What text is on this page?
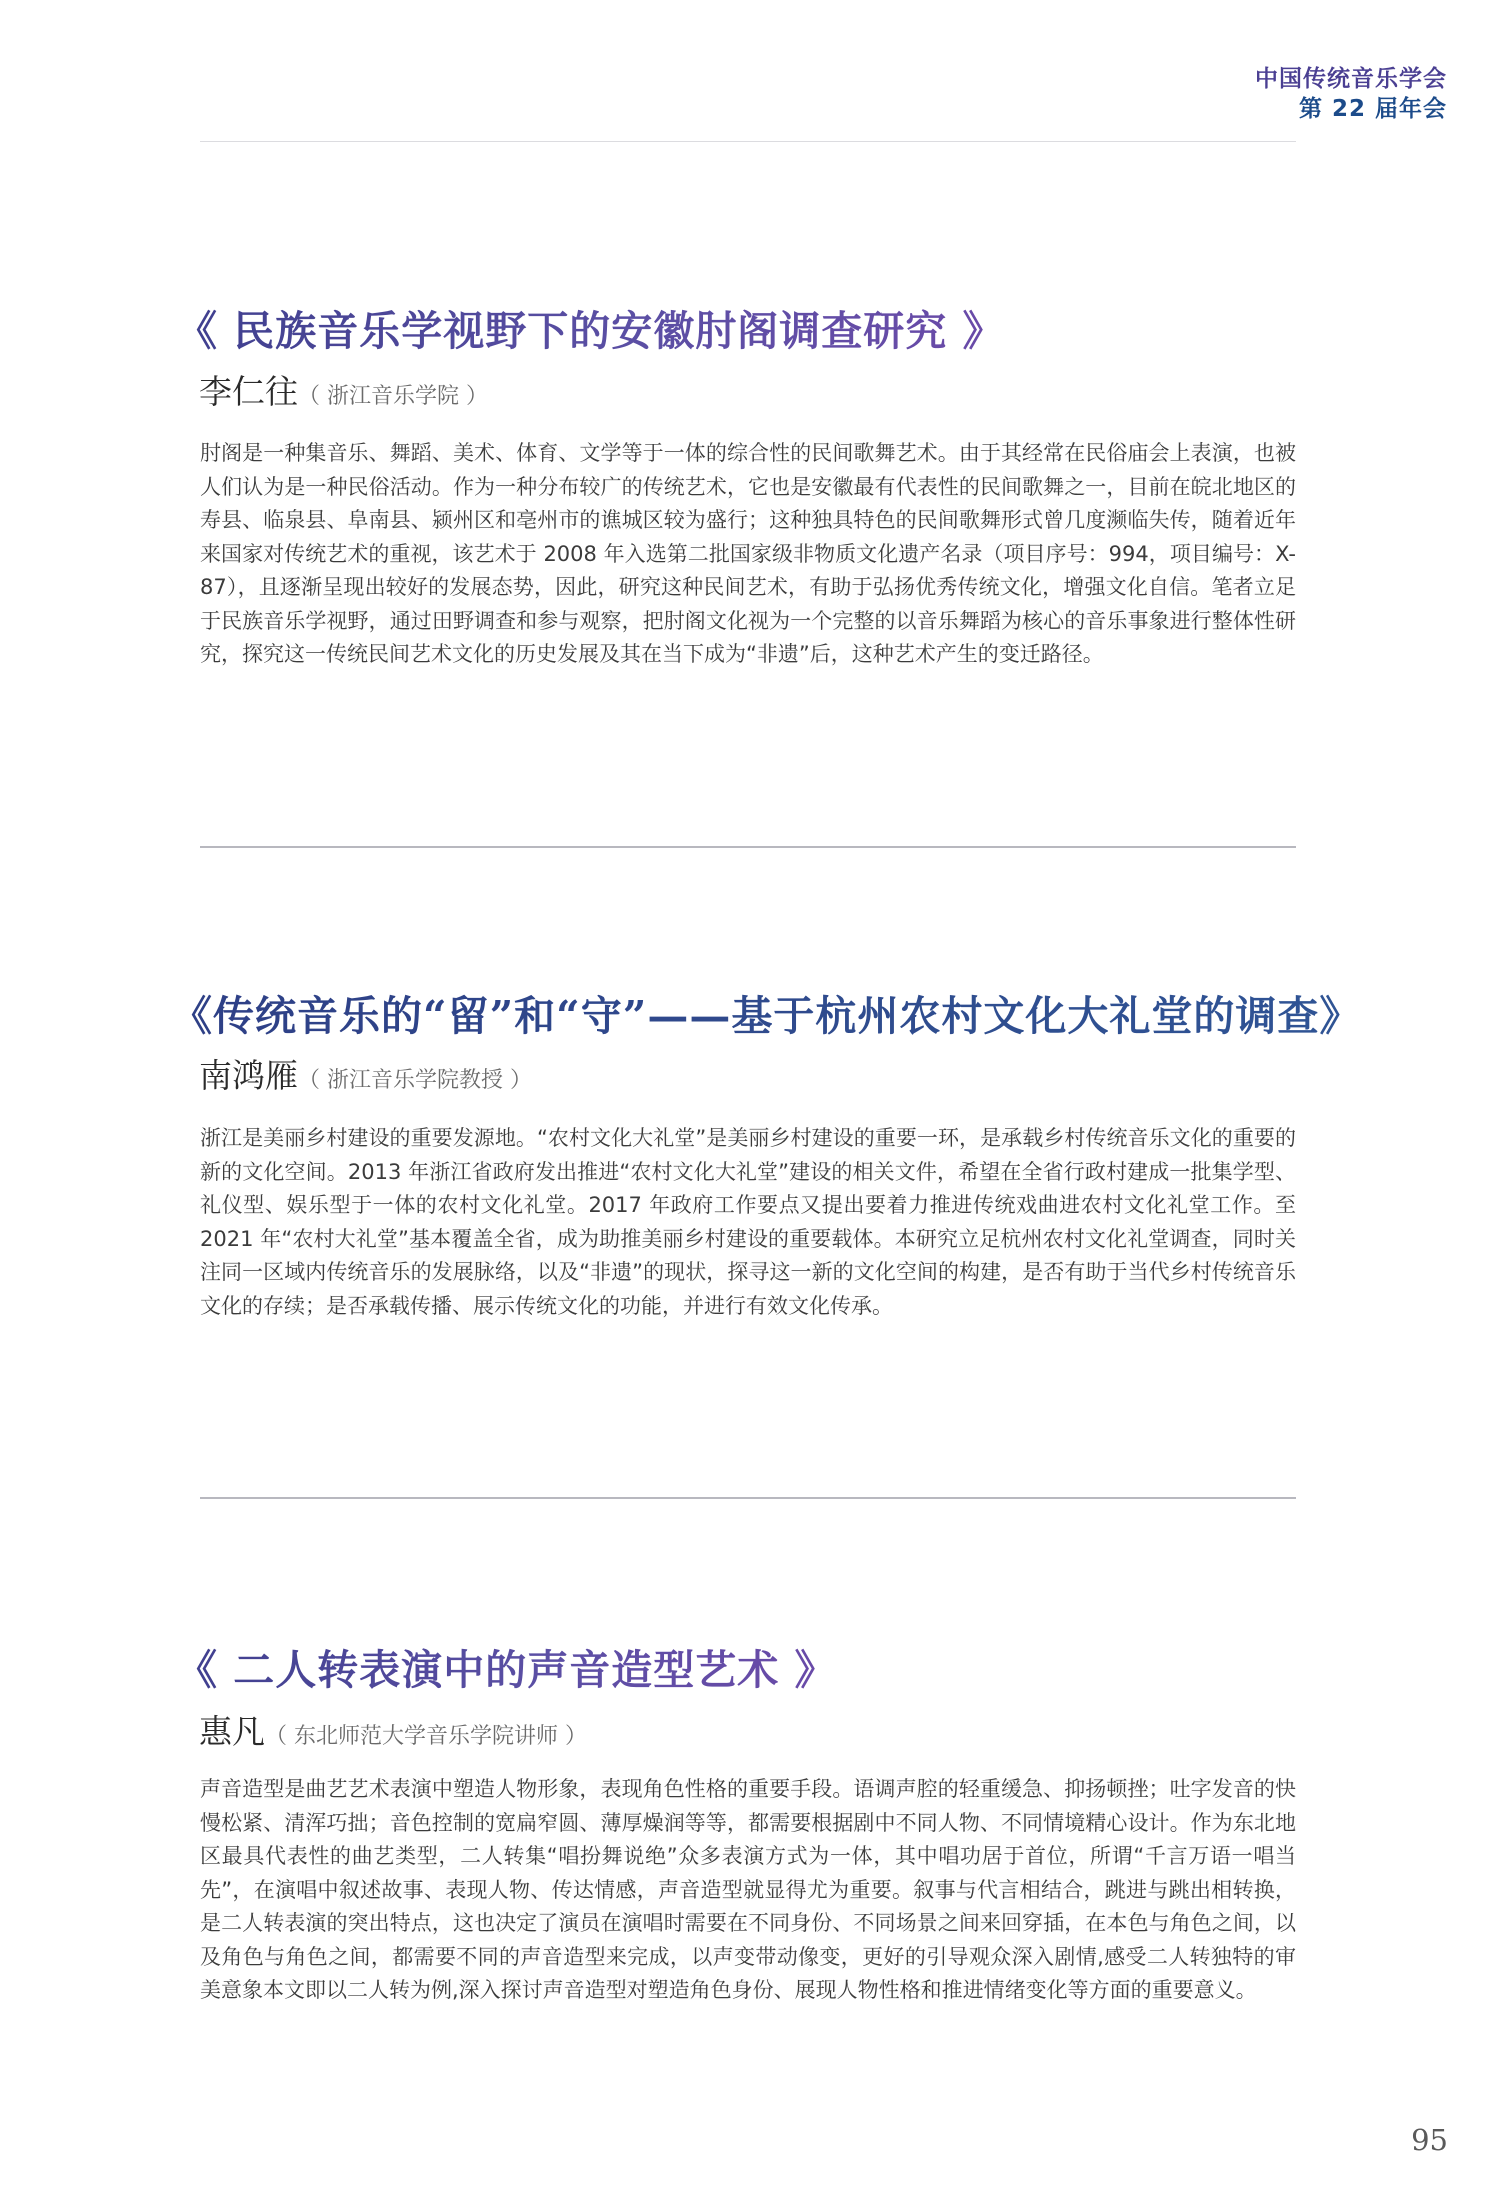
中国传统音乐学会
第 22 届年会
《 民族音乐学视野下的安徽肘阁调查研究 》
李仁往（ 浙江音乐学院 ）
肘阁是一种集音乐、舞蹈、美术、体育、文学等于一体的综合性的民间歌舞艺术。由于其经常在民俗庙会上表演，也被人们认为是一种民俗活动。作为一种分布较广的传统艺术，它也是安徽最有代表性的民间歌舞之一，目前在皖北地区的寿县、临泉县、阜南县、颍州区和亳州市的谯城区较为盛行；这种独具特色的民间歌舞形式曾几度濒临失传，随着近年来国家对传统艺术的重视，该艺术于 2008 年入选第二批国家级非物质文化遗产名录（项目序号：994，项目编号：X-87），且逐渐呈现出较好的发展态势，因此，研究这种民间艺术，有助于弘扬优秀传统文化，增强文化自信。笔者立足于民族音乐学视野，通过田野调查和参与观察，把肘阁文化视为一个完整的以音乐舞蹈为核心的音乐事象进行整体性研究，探究这一传统民间艺术文化的历史发展及其在当下成为“非遗”后，这种艺术产生的变迁路径。
《传统音乐的“留”和“守”——基于杭州农村文化大礼堂的调查》
南鸿雁（ 浙江音乐学院教授 ）
浙江是美丽乡村建设的重要发源地。“农村文化大礼堂”是美丽乡村建设的重要一环，是承载乡村传统音乐文化的重要的新的文化空间。2013 年浙江省政府发出推进“农村文化大礼堂”建设的相关文件，希望在全省行政村建成一批集学型、礼仪型、娱乐型于一体的农村文化礼堂。2017 年政府工作要点又提出要着力推进传统戏曲进农村文化礼堂工作。至 2021 年“农村大礼堂”基本覆盖全省，成为助推美丽乡村建设的重要载体。本研究立足杭州农村文化礼堂调查，同时关注同一区域内传统音乐的发展脉络，以及“非遗”的现状，探寻这一新的文化空间的构建，是否有助于当代乡村传统音乐文化的存续；是否承载传播、展示传统文化的功能，并进行有效文化传承。
《 二人转表演中的声音造型艺术 》
惠凡（ 东北师范大学音乐学院讲师 ）
声音造型是曲艺艺术表演中塑造人物形象，表现角色性格的重要手段。语调声腔的轻重缓急、抑扬顿挫；吐字发音的快慢松紧、清浑巧拙；音色控制的宽扁窄圆、薄厚燥润等等，都需要根据剧中不同人物、不同情境精心设计。作为东北地区最具代表性的曲艺类型，二人转集“唱扮舞说绝”众多表演方式为一体，其中唱功居于首位，所谓“千言万语一唱当先”，在演唱中叙述故事、表现人物、传达情感，声音造型就显得尤为重要。叙事与代言相结合，跳进与跳出相转换，是二人转表演的突出特点，这也决定了演员在演唱时需要在不同身份、不同场景之间来回穿插，在本色与角色之间，以及角色与角色之间，都需要不同的声音造型来完成，以声变带动像变，更好的引导观众深入剧情,感受二人转独特的审美意象本文即以二人转为例,深入探讨声音造型对塑造角色身份、展现人物性格和推进情绪变化等方面的重要意义。
95
